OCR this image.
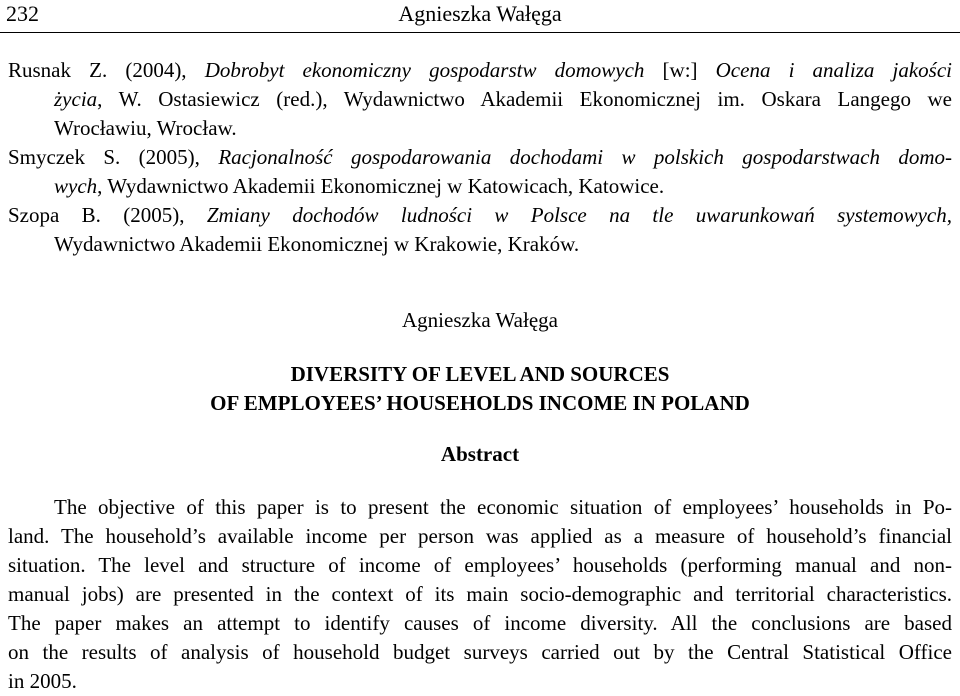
232	Agnieszka Wałęga
Rusnak Z. (2004), Dobrobyt ekonomiczny gospodarstw domowych [w:] Ocena i analiza jakości
życia, W. Ostasiewicz (red.), Wydawnictwo Akademii Ekonomicznej im. Oskara Langego we
Wrocławiu, Wrocław.
Smyczek S. (2005), Racjonalność gospodarowania dochodami w polskich gospodarstwach domo-
wych, Wydawnictwo Akademii Ekonomicznej w Katowicach, Katowice.
Szopa B. (2005), Zmiany dochodów ludności w Polsce na tle uwarunkowań systemowych,
Wydawnictwo Akademii Ekonomicznej w Krakowie, Kraków.
Agnieszka Wałęga
DIVERSITY OF LEVEL AND SOURCES
OF EMPLOYEES’ HOUSEHOLDS INCOME IN POLAND
Abstract
The objective of this paper is to present the economic situation of employees’ households in Po-
land. The household’s available income per person was applied as a measure of household’s financial
situation. The level and structure of income of employees’ households (performing manual and non-
manual jobs) are presented in the context of its main socio-demographic and territorial characteristics.
The paper makes an attempt to identify causes of income diversity. All the conclusions are based
on the results of analysis of household budget surveys carried out by the Central Statistical Office
in 2005.
